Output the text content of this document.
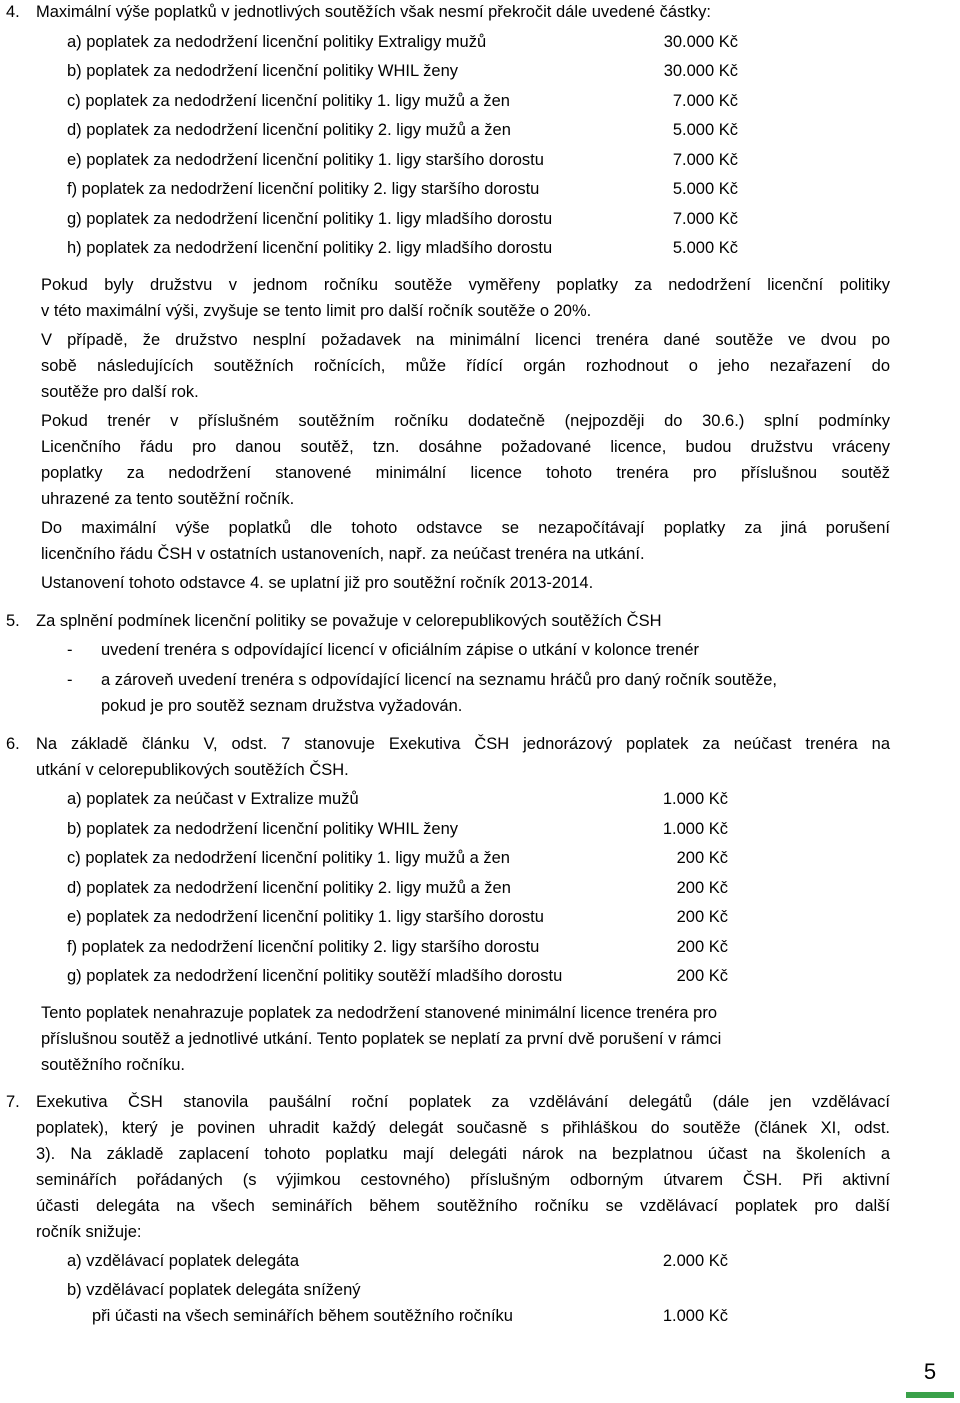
4. Maximální výše poplatků v jednotlivých soutěžích však nesmí překročit dále uvedené částky:
a) poplatek za nedodržení licenční politiky Extraligy mužů	30.000 Kč
b) poplatek za nedodržení licenční politiky WHIL ženy	30.000 Kč
c) poplatek za nedodržení licenční politiky 1. ligy mužů a žen	7.000 Kč
d) poplatek za nedodržení licenční politiky 2. ligy mužů a žen	5.000 Kč
e) poplatek za nedodržení licenční politiky 1. ligy staršího dorostu	7.000 Kč
f) poplatek za nedodržení licenční politiky 2. ligy staršího dorostu	5.000 Kč
g) poplatek za nedodržení licenční politiky 1. ligy mladšího dorostu	7.000 Kč
h) poplatek za nedodržení licenční politiky 2. ligy mladšího dorostu	5.000 Kč
Pokud byly družstvu v jednom ročníku soutěže vyměřeny poplatky za nedodržení licenční politiky
v této maximální výši, zvyšuje se tento limit pro další ročník soutěže o 20%.
V případě, že družstvo nesplní požadavek na minimální licenci trenéra dané soutěže ve dvou po
sobě následujících soutěžních ročnících, může řídící orgán rozhodnout o jeho nezařazení do
soutěže pro další rok.
Pokud trenér v příslušném soutěžním ročníku dodatečně (nejpozději do 30.6.) splní podmínky
Licenčního řádu pro danou soutěž, tzn. dosáhne požadované licence, budou družstvu vráceny
poplatky za nedodržení stanovené minimální licence tohoto trenéra pro příslušnou soutěž
uhrazené za tento soutěžní ročník.
Do maximální výše poplatků dle tohoto odstavce se nezapočítávají poplatky za jiná porušení
licenčního řádu ČSH v ostatních ustanoveních, např. za neúčast trenéra na utkání.
Ustanovení tohoto odstavce 4. se uplatní již pro soutěžní ročník 2013-2014.
5. Za splnění podmínek licenční politiky se považuje v celorepublikových soutěžích ČSH
- uvedení trenéra s odpovídající licencí v oficiálním zápise o utkání v kolonce trenér
- a zároveň uvedení trenéra s odpovídající licencí na seznamu hráčů pro daný ročník soutěže,
pokud je pro soutěž seznam družstva vyžadován.
6. Na základě článku V, odst. 7 stanovuje Exekutiva ČSH jednorázový poplatek za neúčast trenéra na
utkání v celorepublikových soutěžích ČSH.
a) poplatek za neúčast v Extralize mužů	1.000 Kč
b) poplatek za nedodržení licenční politiky WHIL ženy	1.000 Kč
c) poplatek za nedodržení licenční politiky 1. ligy mužů a žen	200 Kč
d) poplatek za nedodržení licenční politiky 2. ligy mužů a žen	200 Kč
e) poplatek za nedodržení licenční politiky 1. ligy staršího dorostu	200 Kč
f) poplatek za nedodržení licenční politiky 2. ligy staršího dorostu	200 Kč
g) poplatek za nedodržení licenční politiky soutěží mladšího dorostu	200 Kč
Tento poplatek nenahrazuje poplatek za nedodržení stanovené minimální licence trenéra pro
příslušnou soutěž a jednotlivé utkání. Tento poplatek se neplatí za první dvě porušení v rámci
soutěžního ročníku.
7. Exekutiva ČSH stanovila paušální roční poplatek za vzdělávání delegátů (dále jen vzdělávací
poplatek), který je povinen uhradit každý delegát současně s přihláškou do soutěže (článek XI, odst.
3). Na základě zaplacení tohoto poplatku mají delegáti nárok na bezplatnou účast na školeních a
seminářích pořádaných (s výjimkou cestovného) příslušným odborným útvarem ČSH. Při aktivní
účasti delegáta na všech seminářích během soutěžního ročníku se vzdělávací poplatek pro další
ročník snižuje:
a) vzdělávací poplatek delegáta	2.000 Kč
b) vzdělávací poplatek delegáta snížený
při účasti na všech seminářích během soutěžního ročníku	1.000 Kč
5
